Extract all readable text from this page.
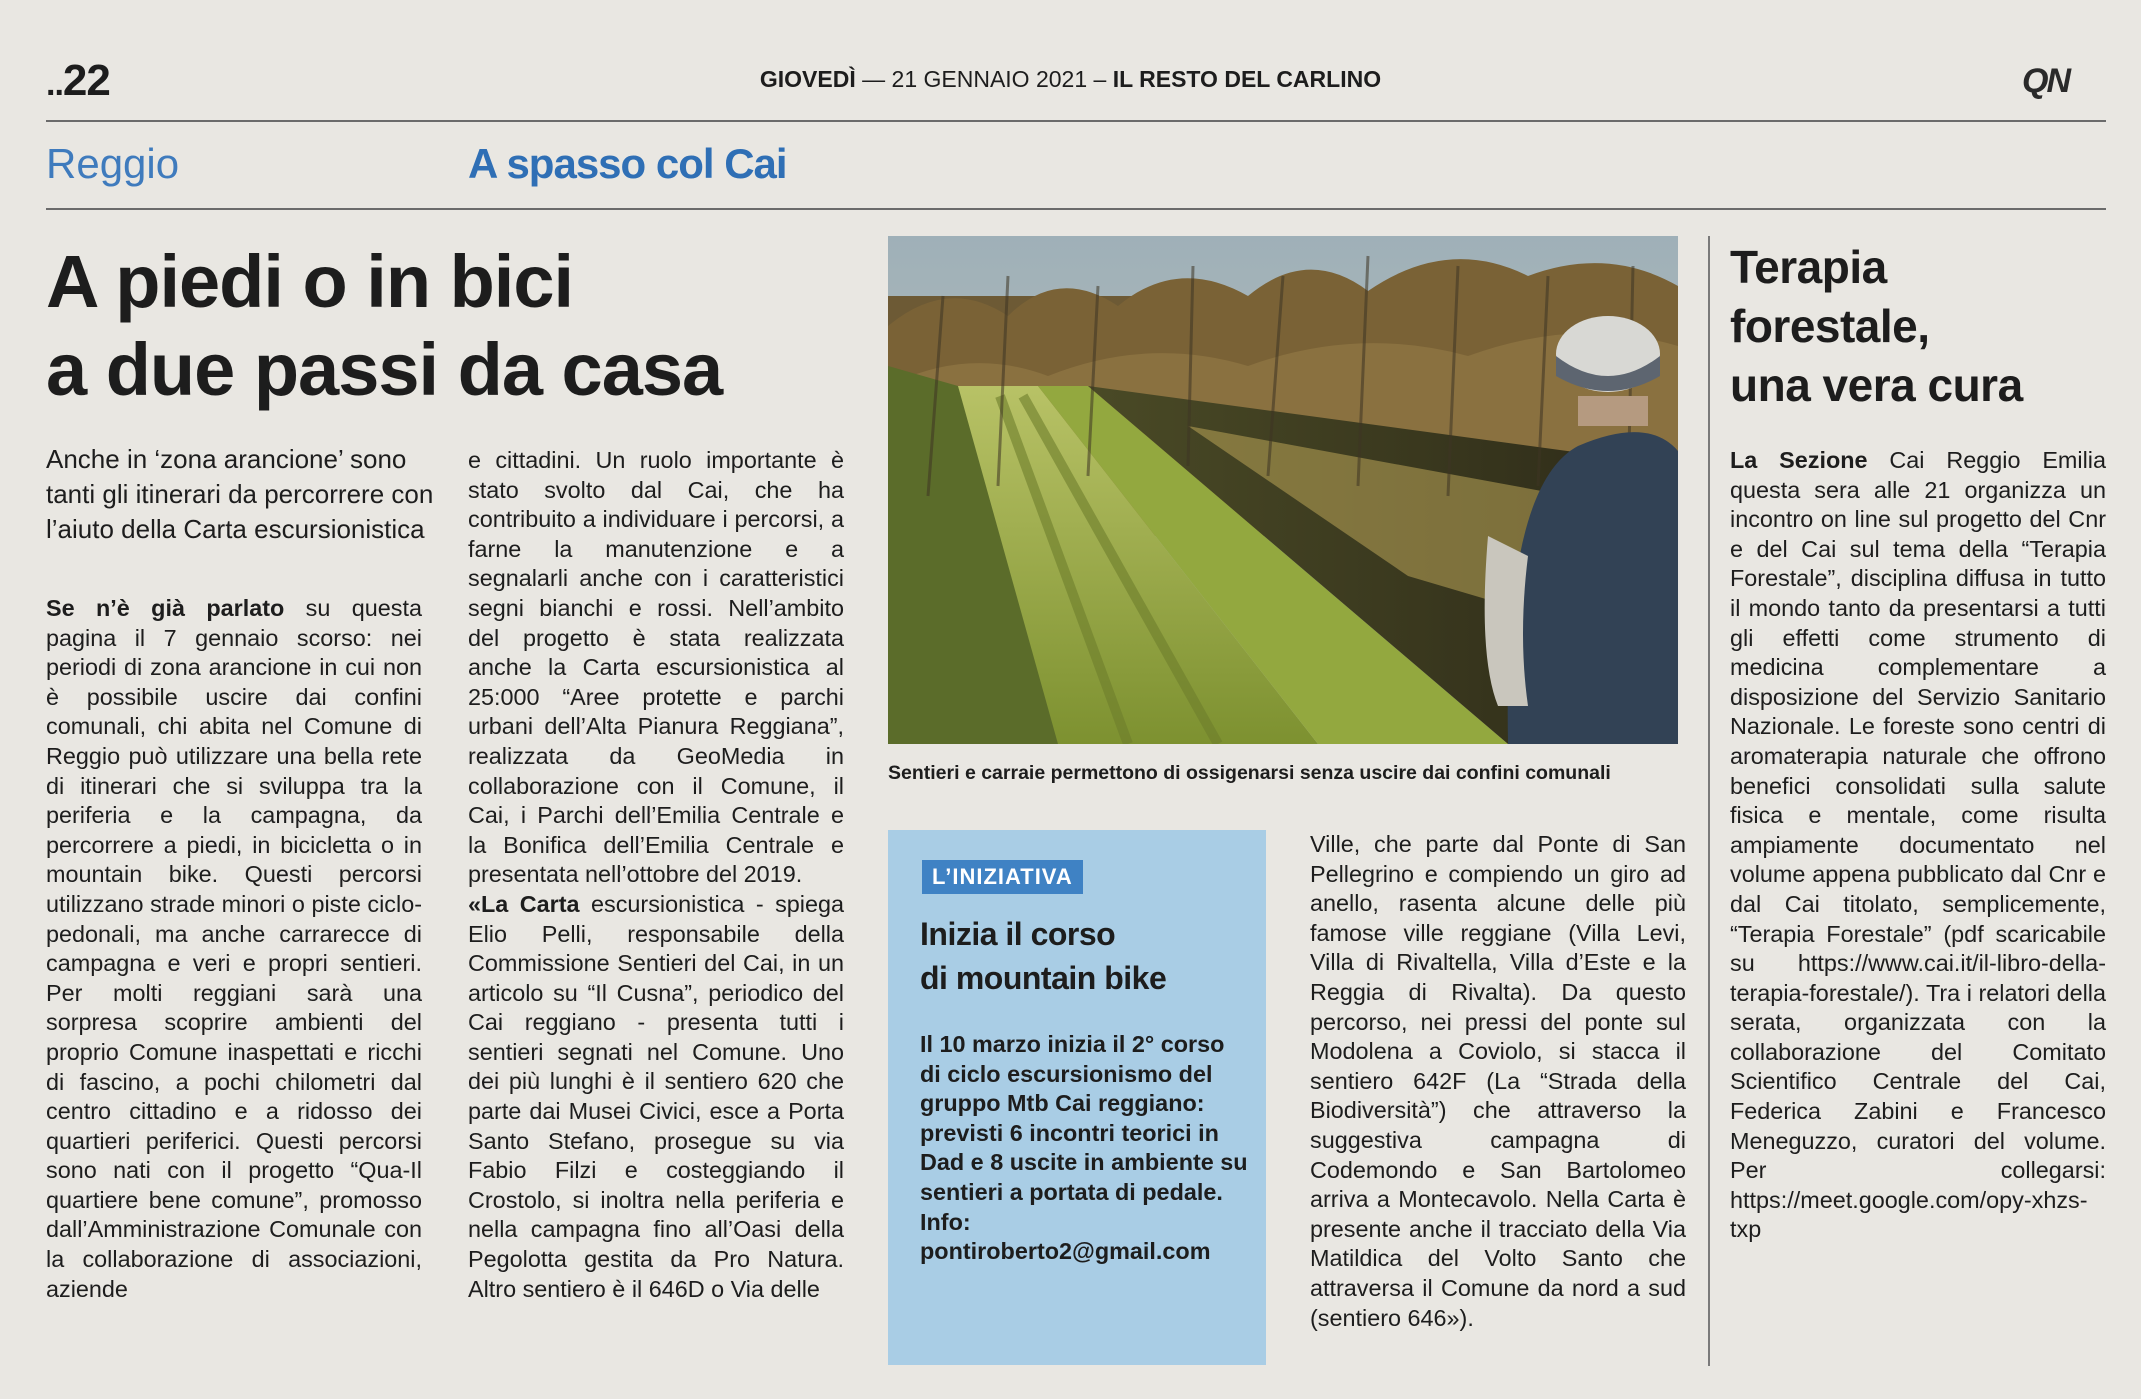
..22	GIOVEDÌ — 21 GENNAIO 2021 – IL RESTO DEL CARLINO	QN
Reggio	A spasso col Cai
A piedi o in bici
a due passi da casa
Anche in ‘zona arancione’ sono tanti gli itinerari da percorrere con l’aiuto della Carta escursionistica

Se n’è già parlato su questa pagina il 7 gennaio scorso: nei periodi di zona arancione in cui non è possibile uscire dai confini comunali, chi abita nel Comune di Reggio può utilizzare una bella rete di itinerari che si sviluppa tra la periferia e la campagna, da percorrere a piedi, in bicicletta o in mountain bike. Questi percorsi utilizzano strade minori o piste ciclo-pedonali, ma anche carrarecce di campagna e veri e propri sentieri. Per molti reggiani sarà una sorpresa scoprire ambienti del proprio Comune inaspettati e ricchi di fascino, a pochi chilometri dal centro cittadino e a ridosso dei quartieri periferici. Questi percorsi sono nati con il progetto “Qua-Il quartiere bene comune”, promosso dall’Amministrazione Comunale con la collaborazione di associazioni, aziende

e cittadini. Un ruolo importante è stato svolto dal Cai, che ha contribuito a individuare i percorsi, a farne la manutenzione e a segnalarli anche con i caratteristici segni bianchi e rossi. Nell’ambito del progetto è stata realizzata anche la Carta escursionistica al 25:000 “Aree protette e parchi urbani dell’Alta Pianura Reggiana”, realizzata da GeoMedia in collaborazione con il Comune, il Cai, i Parchi dell’Emilia Centrale e la Bonifica dell’Emilia Centrale e presentata nell’ottobre del 2019.

«La Carta escursionistica - spiega Elio Pelli, responsabile della Commissione Sentieri del Cai, in un articolo su “Il Cusna”, periodico del Cai reggiano - presenta tutti i sentieri segnati nel Comune. Uno dei più lunghi è il sentiero 620 che parte dai Musei Civici, esce a Porta Santo Stefano, prosegue su via Fabio Filzi e costeggiando il Crostolo, si inoltra nella periferia e nella campagna fino all’Oasi della Pegolotta gestita da Pro Natura. Altro sentiero è il 646D o Via delle

Sentieri e carraie permettono di ossigenarsi senza uscire dai confini comunali
L’INIZIATIVA
Inizia il corso
di mountain bike
Il 10 marzo inizia il 2° corso di ciclo escursionismo del gruppo Mtb Cai reggiano: previsti 6 incontri teorici in Dad e 8 uscite in ambiente su sentieri a portata di pedale. Info: pontiroberto2@gmail.com

Ville, che parte dal Ponte di San Pellegrino e compiendo un giro ad anello, rasenta alcune delle più famose ville reggiane (Villa Levi, Villa di Rivaltella, Villa d’Este e la Reggia di Rivalta). Da questo percorso, nei pressi del ponte sul Modolena a Coviolo, si stacca il sentiero 642F (La “Strada della Biodiversità”) che attraverso la suggestiva campagna di Codemondo e San Bartolomeo arriva a Montecavolo. Nella Carta è presente anche il tracciato della Via Matildica del Volto Santo che attraversa il Comune da nord a sud (sentiero 646»).

Terapia
forestale,
una vera cura

La Sezione Cai Reggio Emilia questa sera alle 21 organizza un incontro on line sul progetto del Cnr e del Cai sul tema della “Terapia Forestale”, disciplina diffusa in tutto il mondo tanto da presentarsi a tutti gli effetti come strumento di medicina complementare a disposizione del Servizio Sanitario Nazionale. Le foreste sono centri di aromaterapia naturale che offrono benefici consolidati sulla salute fisica e mentale, come risulta ampiamente documentato nel volume appena pubblicato dal Cnr e dal Cai titolato, semplicemente, “Terapia Forestale” (pdf scaricabile su https://www.cai.it/il-libro-della-terapia-forestale/). Tra i relatori della serata, organizzata con la collaborazione del Comitato Scientifico Centrale del Cai, Federica Zabini e Francesco Meneguzzo, curatori del volume. Per collegarsi: https://meet.google.com/opy-xhzs-txp
